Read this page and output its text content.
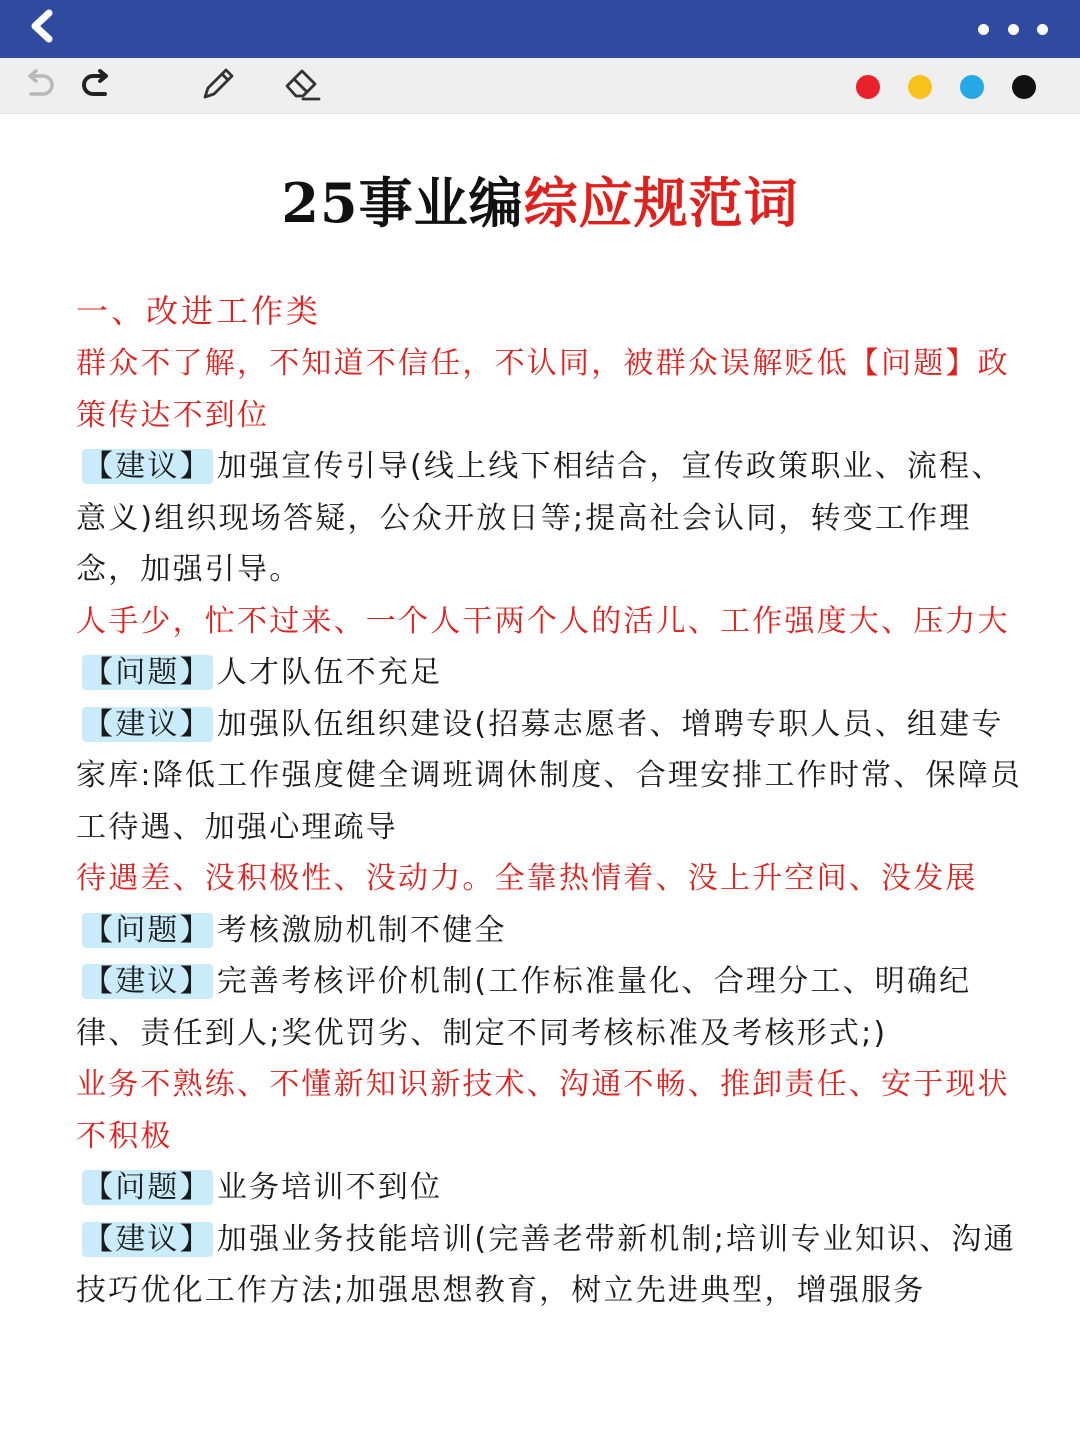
25事业编综应规范词

一、改进工作类

群众不了解，不知道不信任，不认同，被群众误解贬低【问题】政策传达不到位

【建议】 加强宣传引导(线上线下相结合，宣传政策职业、流程、意义)组织现场答疑，公众开放日等;提高社会认同，转变工作理念，加强引导。

人手少，忙不过来、一个人干两个人的活儿、工作强度大、压力大

【问题】 人才队伍不充足

【建议】 加强队伍组织建设(招募志愿者、增聘专职人员、组建专家库:降低工作强度健全调班调休制度、合理安排工作时常、保障员工待遇、加强心理疏导

待遇差、没积极性、没动力。全靠热情着、没上升空间、没发展

【问题】 考核激励机制不健全

【建议】 完善考核评价机制(工作标准量化、合理分工、明确纪律、责任到人;奖优罚劣、制定不同考核标准及考核形式;)

业务不熟练、不懂新知识新技术、沟通不畅、推卸责任、安于现状不积极

【问题】 业务培训不到位

【建议】 加强业务技能培训(完善老带新机制;培训专业知识、沟通技巧优化工作方法;加强思想教育，树立先进典型，增强服务
